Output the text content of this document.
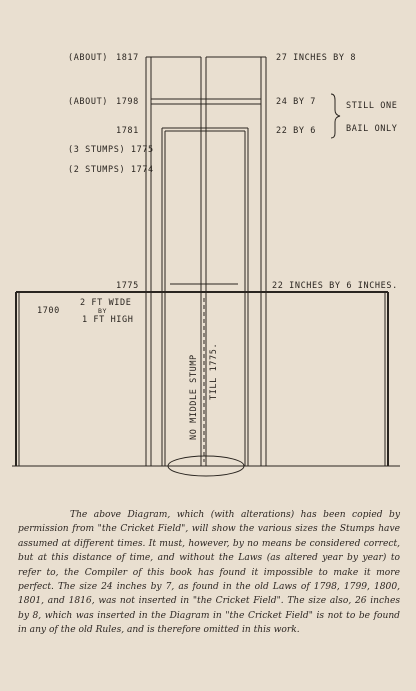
(ABOUT) 1817	27 INCHES BY 8
(ABOUT) 1798	24 BY 7	STILL ONE
BAIL ONLY
1781	22 BY 6
(3 STUMPS) 1775
(2 STUMPS) 1774
1775	22 INCHES BY 6 INCHES.
1700
2 FT WIDE
BY
1 FT HIGH
NO MIDDLE STUMP TILL 1775.

The above Diagram, which (with alterations) has been copied by permission from "the Cricket Field", will show the various sizes the Stumps have assumed at different times. It must, however, by no means be considered correct, but at this distance of time, and without the Laws (as altered year by year) to refer to, the Compiler of this book has found it impossible to make it more perfect. The size 24 inches by 7, as found in the old Laws of 1798, 1799, 1800, 1801, and 1816, was not inserted in "the Cricket Field". The size also, 26 inches by 8, which was inserted in the Diagram in "the Cricket Field" is not to be found in any of the old Rules, and is therefore omitted in this work.
